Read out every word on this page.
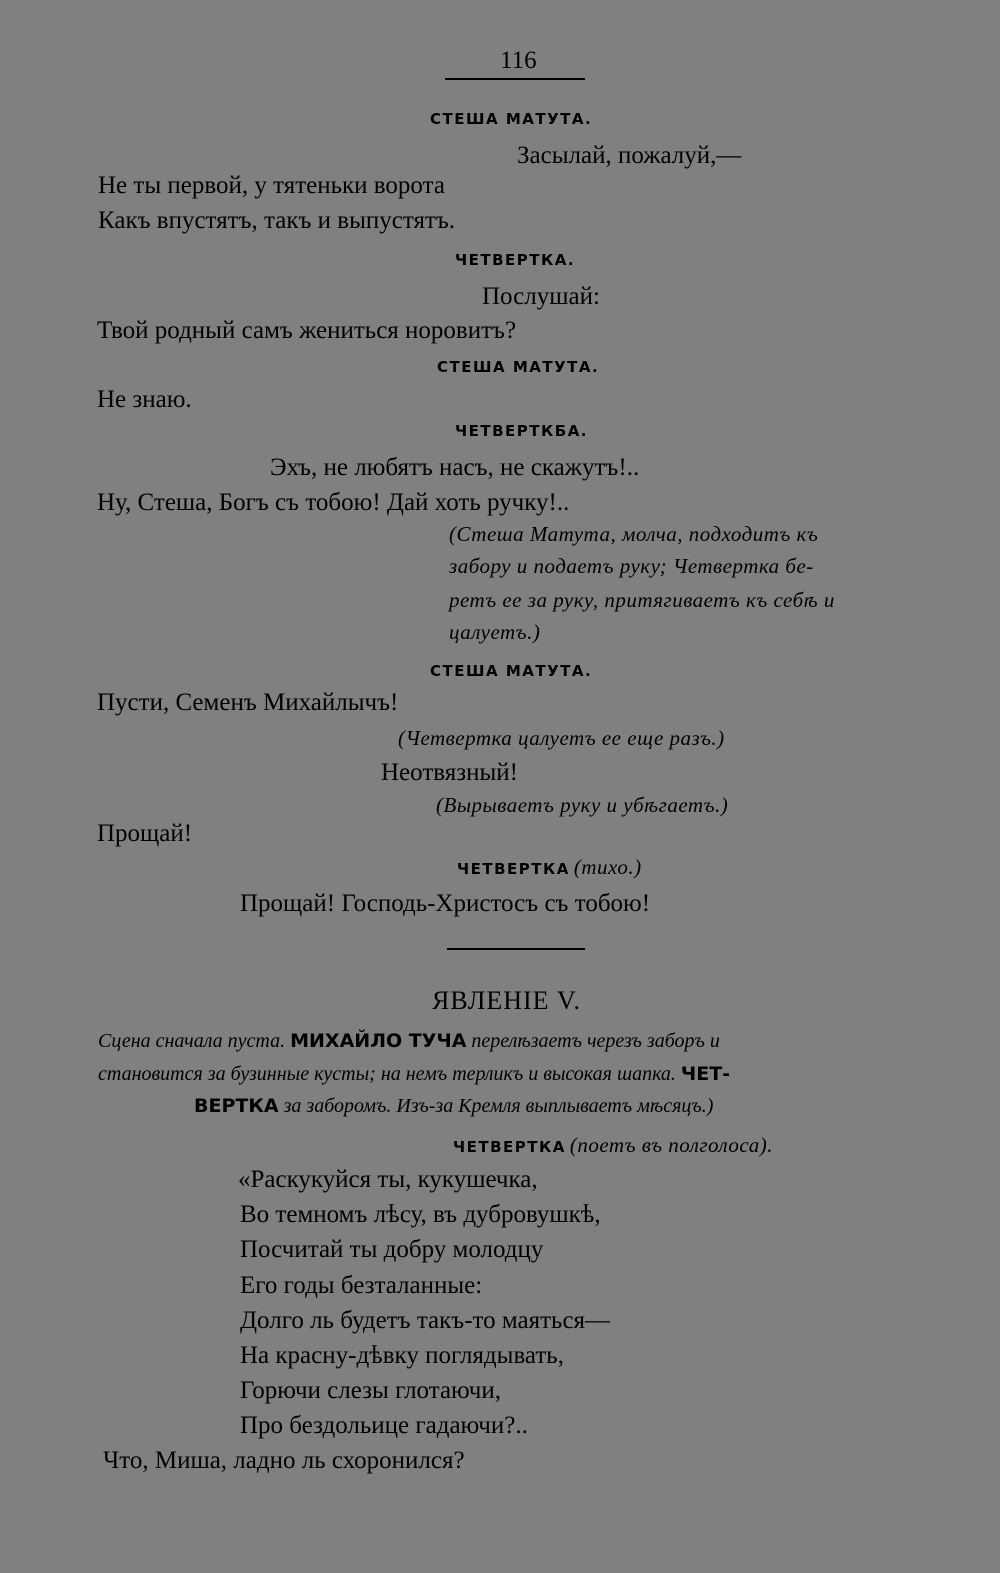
116
СТЕША МАТУТА.
Засылай, пожалуй,—
Не ты первой, у тятеньки ворота
Какъ впустятъ, такъ и выпустятъ.
ЧЕТВЕРТКА.
Послушай:
Твой родный самъ жениться норовитъ?
СТЕША МАТУТА.
Не знаю.
ЧЕТВЕРТКБА.
Эхъ, не любятъ насъ, не скажутъ!..
Ну, Стеша, Богъ съ тобою! Дай хоть ручку!..
(Стеша Матута, молча, подходитъ къ
забору и подаетъ руку; Четвертка бе-
ретъ ее за руку, притягиваетъ къ себѣ и
цалуетъ.)
СТЕША МАТУТА.
Пусти, Семенъ Михайлычъ!
(Четвертка цалуетъ ее еще разъ.)
Неотвязный!
(Вырываетъ руку и убѣгаетъ.)
Прощай!
ЧЕТВЕРТКА (тихо.)
Прощай! Господь-Христосъ съ тобою!
ЯВЛЕНІЕ V.
Сцена сначала пуста. МИХАЙЛО ТУЧА перелѣзаетъ черезъ заборъ и
становится за бузинные кусты; на немъ терликъ и высокая шапка. ЧЕТ-
ВЕРТКА за заборомъ. Изъ-за Кремля выплываетъ мѣсяцъ.)
ЧЕТВЕРТКА (поетъ въ полголоса).
«Раскукуйся ты, кукушечка,
Во темномъ лѣсу, въ дубровушкѣ,
Посчитай ты добру молодцу
Его годы безталанные:
Долго ль будетъ такъ-то маяться—
На красну-дѣвку поглядывать,
Горючи слезы глотаючи,
Про бездольице гадаючи?..
Что, Миша, ладно ль схоронился?
